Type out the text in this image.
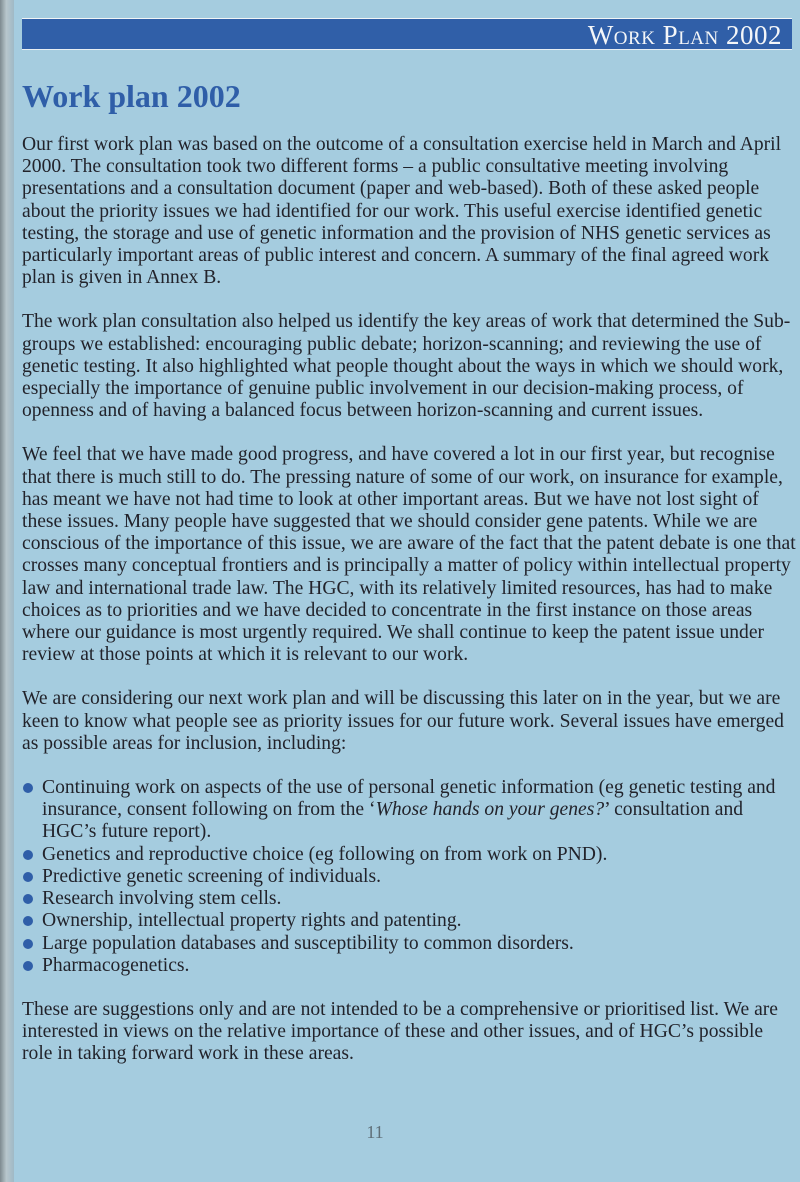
Work Plan 2002
Work plan 2002

Our first work plan was based on the outcome of a consultation exercise held in March and April 2000. The consultation took two different forms – a public consultative meeting involving presentations and a consultation document (paper and web-based). Both of these asked people about the priority issues we had identified for our work. This useful exercise identified genetic testing, the storage and use of genetic information and the provision of NHS genetic services as particularly important areas of public interest and concern. A summary of the final agreed work plan is given in Annex B.

The work plan consultation also helped us identify the key areas of work that determined the Sub-groups we established: encouraging public debate; horizon-scanning; and reviewing the use of genetic testing. It also highlighted what people thought about the ways in which we should work, especially the importance of genuine public involvement in our decision-making process, of openness and of having a balanced focus between horizon-scanning and current issues.

We feel that we have made good progress, and have covered a lot in our first year, but recognise that there is much still to do. The pressing nature of some of our work, on insurance for example, has meant we have not had time to look at other important areas. But we have not lost sight of these issues. Many people have suggested that we should consider gene patents. While we are conscious of the importance of this issue, we are aware of the fact that the patent debate is one that crosses many conceptual frontiers and is principally a matter of policy within intellectual property law and international trade law. The HGC, with its relatively limited resources, has had to make choices as to priorities and we have decided to concentrate in the first instance on those areas where our guidance is most urgently required. We shall continue to keep the patent issue under review at those points at which it is relevant to our work.

We are considering our next work plan and will be discussing this later on in the year, but we are keen to know what people see as priority issues for our future work. Several issues have emerged as possible areas for inclusion, including:

Continuing work on aspects of the use of personal genetic information (eg genetic testing and insurance, consent following on from the ‘Whose hands on your genes?’ consultation and HGC’s future report).
Genetics and reproductive choice (eg following on from work on PND).
Predictive genetic screening of individuals.
Research involving stem cells.
Ownership, intellectual property rights and patenting.
Large population databases and susceptibility to common disorders.
Pharmacogenetics.

These are suggestions only and are not intended to be a comprehensive or prioritised list. We are interested in views on the relative importance of these and other issues, and of HGC’s possible role in taking forward work in these areas.

11
